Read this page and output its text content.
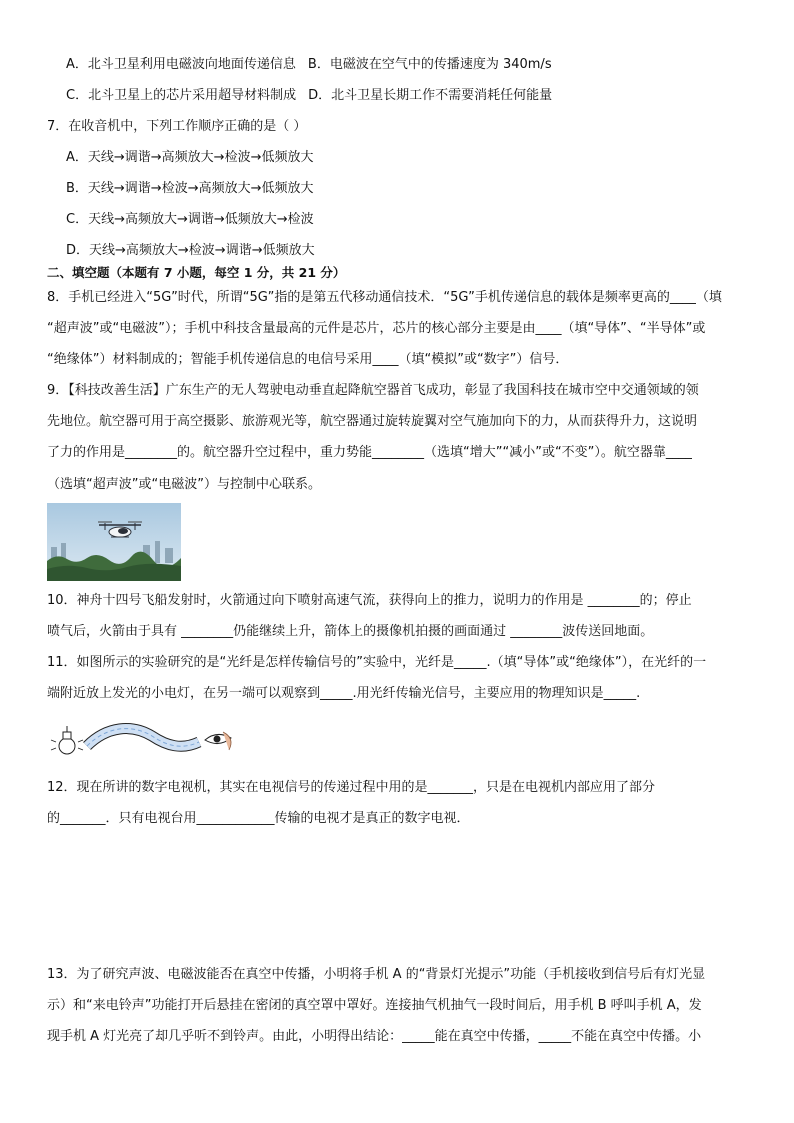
A．北斗卫星利用电磁波向地面传递信息 B．电磁波在空气中的传播速度为 340m/s
C．北斗卫星上的芯片采用超导材料制成 D．北斗卫星长期工作不需要消耗任何能量
7．在收音机中，下列工作顺序正确的是（ ）
A．天线→调谐→高频放大→检波→低频放大
B．天线→调谐→检波→高频放大→低频放大
C．天线→高频放大→调谐→低频放大→检波
D．天线→高频放大→检波→调谐→低频放大
二、填空题（本题有 7 小题，每空 1 分，共 21 分）
8．手机已经进入“5G”时代，所谓“5G”指的是第五代移动通信技术．“5G”手机传递信息的载体是频率更高的____（填
“超声波”或“电磁波”）；手机中科技含量最高的元件是芯片，芯片的核心部分主要是由____（填“导体”、“半导体”或
“绝缘体”）材料制成的；智能手机传递信息的电信号采用____（填“模拟”或“数字”）信号．
9．【科技改善生活】广东生产的无人驾驶电动垂直起降航空器首飞成功，彰显了我国科技在城市空中交通领域的领
先地位。航空器可用于高空摄影、旅游观光等，航空器通过旋转旋翼对空气施加向下的力，从而获得升力，这说明
了力的作用是________的。航空器升空过程中，重力势能________（选填“增大”“减小”或“不变”）。航空器靠____
（选填“超声波”或“电磁波”）与控制中心联系。
10．神舟十四号飞船发射时，火箭通过向下喷射高速气流，获得向上的推力，说明力的作用是 ________的；停止
喷气后，火箭由于具有 ________仍能继续上升，箭体上的摄像机拍摄的画面通过 ________波传送回地面。
11．如图所示的实验研究的是“光纤是怎样传输信号的”实验中，光纤是_____.（填“导体”或“绝缘体”），在光纤的一
端附近放上发光的小电灯，在另一端可以观察到_____.用光纤传输光信号，主要应用的物理知识是_____.
12．现在所讲的数字电视机，其实在电视信号的传递过程中用的是_______，只是在电视机内部应用了部分
的_______．只有电视台用____________传输的电视才是真正的数字电视．
13．为了研究声波、电磁波能否在真空中传播，小明将手机 A 的“背景灯光提示”功能（手机接收到信号后有灯光显
示）和“来电铃声”功能打开后悬挂在密闭的真空罩中罩好。连接抽气机抽气一段时间后，用手机 B 呼叫手机 A，发
现手机 A 灯光亮了却几乎听不到铃声。由此，小明得出结论：_____能在真空中传播，_____不能在真空中传播。小
